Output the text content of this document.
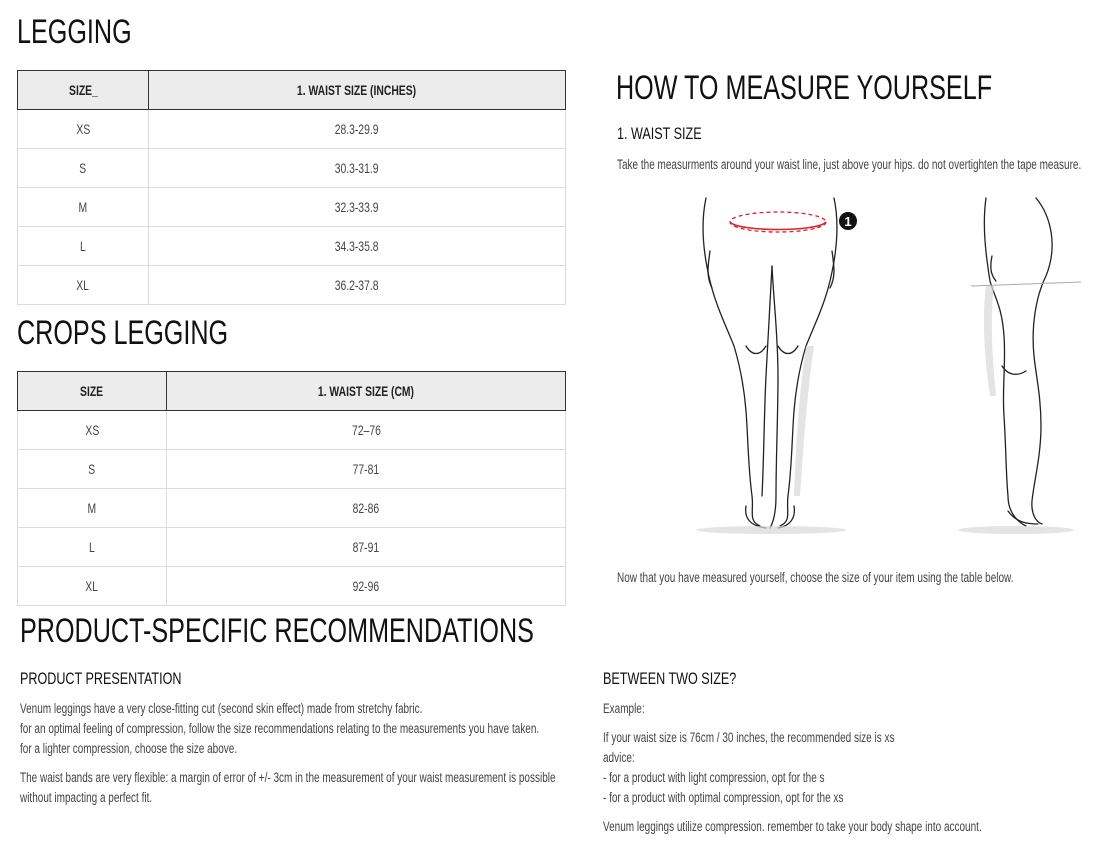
LEGGING
SIZE_	1. WAIST SIZE (INCHES)
XS	28.3-29.9
S	30.3-31.9
M	32.3-33.9
L	34.3-35.8
XL	36.2-37.8
CROPS LEGGING
SIZE	1. WAIST SIZE (CM)
XS	72–76
S	77-81
M	82-86
L	87-91
XL	92-96
HOW TO MEASURE YOURSELF
1. WAIST SIZE

Take the measurments around your waist line, just above your hips. do not overtighten the tape measure.

1

Now that you have measured yourself, choose the size of your item using the table below.

PRODUCT-SPECIFIC RECOMMENDATIONS
PRODUCT PRESENTATION
Venum leggings have a very close-fitting cut (second skin effect) made from stretchy fabric.
for an optimal feeling of compression, follow the size recommendations relating to the measurements you have taken.
for a lighter compression, choose the size above.
The waist bands are very flexible: a margin of error of +/- 3cm in the measurement of your waist measurement is possible
without impacting a perfect fit.
BETWEEN TWO SIZE?

Example:

If your waist size is 76cm / 30 inches, the recommended size is xs
advice:
- for a product with light compression, opt for the s
- for a product with optimal compression, opt for the xs

Venum leggings utilize compression. remember to take your body shape into account.
